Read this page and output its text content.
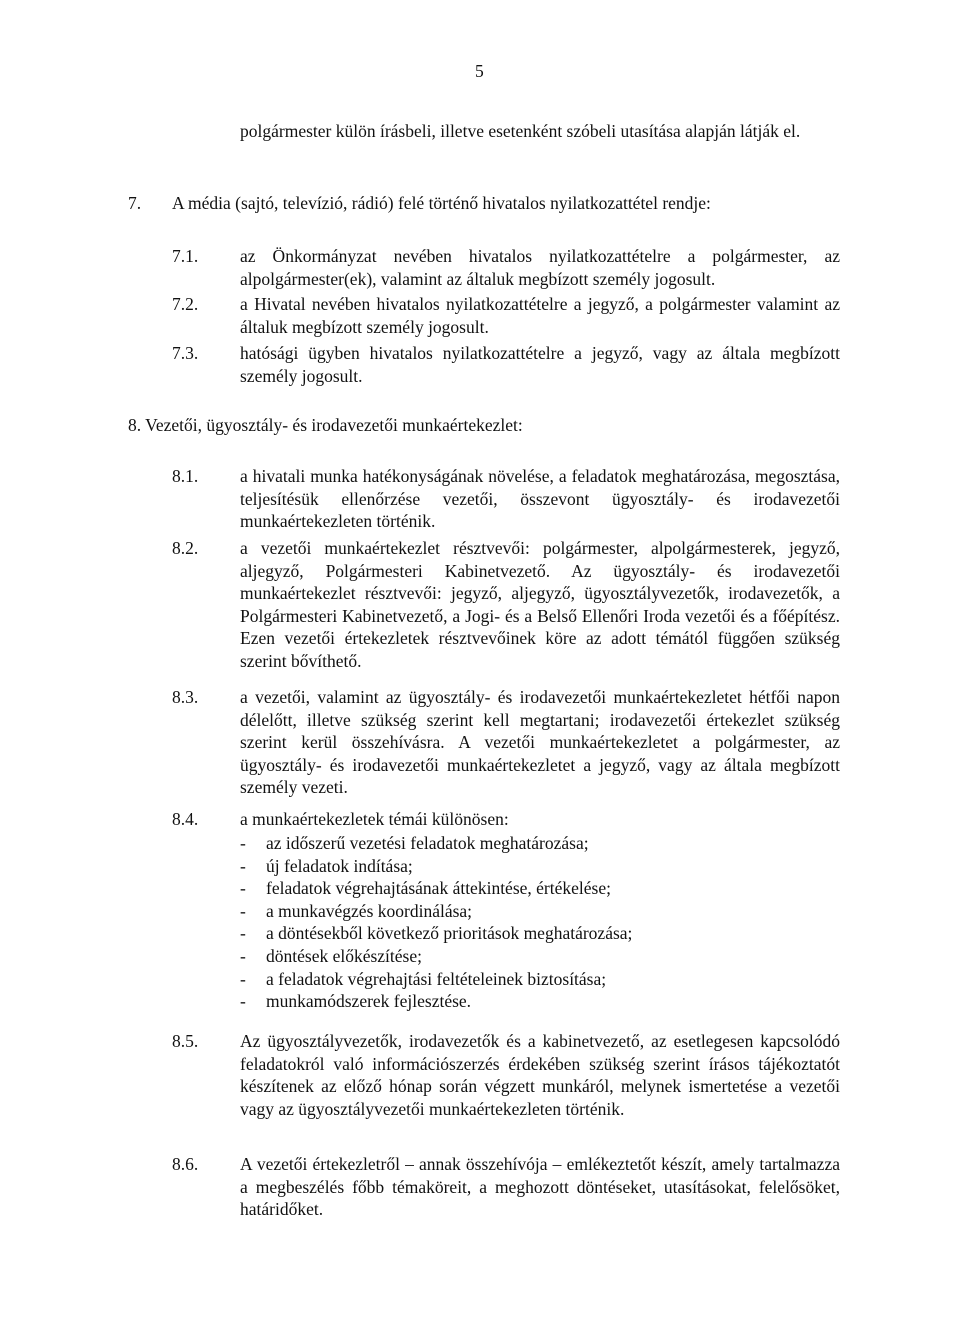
5
polgármester külön írásbeli, illetve esetenként szóbeli utasítása alapján látják el.
7. A média (sajtó, televízió, rádió) felé történő hivatalos nyilatkozattétel rendje:
7.1. az Önkormányzat nevében hivatalos nyilatkozattételre a polgármester, az alpolgármester(ek), valamint az általuk megbízott személy jogosult.
7.2. a Hivatal nevében hivatalos nyilatkozattételre a jegyző, a polgármester valamint az általuk megbízott személy jogosult.
7.3. hatósági ügyben hivatalos nyilatkozattételre a jegyző, vagy az általa megbízott személy jogosult.
8. Vezetői, ügyosztály- és irodavezetői munkaértekezlet:
8.1. a hivatali munka hatékonyságának növelése, a feladatok meghatározása, megosztása, teljesítésük ellenőrzése vezetői, összevont ügyosztály- és irodavezetői munkaértekezleten történik.
8.2. a vezetői munkaértekezlet résztvevői: polgármester, alpolgármesterek, jegyző, aljegyző, Polgármesteri Kabinetvezető. Az ügyosztály- és irodavezetői munkaértekezlet résztvevői: jegyző, aljegyző, ügyosztályvezetők, irodavezetők, a Polgármesteri Kabinetvezető, a Jogi- és a Belső Ellenőri Iroda vezetői és a főépítész. Ezen vezetői értekezletek résztvevőinek köre az adott témától függően szükség szerint bővíthető.
8.3. a vezetői, valamint az ügyosztály- és irodavezetői munkaértekezletet hétfői napon délelőtt, illetve szükség szerint kell megtartani; irodavezetői értekezlet szükség szerint kerül összehívásra. A vezetői munkaértekezletet a polgármester, az ügyosztály- és irodavezetői munkaértekezletet a jegyző, vagy az általa megbízott személy vezeti.
8.4. a munkaértekezletek témái különösen:
- az időszerű vezetési feladatok meghatározása;
- új feladatok indítása;
- feladatok végrehajtásának áttekintése, értékelése;
- a munkavégzés koordinálása;
- a döntésekből következő prioritások meghatározása;
- döntések előkészítése;
- a feladatok végrehajtási feltételeinek biztosítása;
- munkamódszerek fejlesztése.
8.5. Az ügyosztályvezetők, irodavezetők és a kabinetvezető, az esetlegesen kapcsolódó feladatokról való információszerzés érdekében szükség szerint írásos tájékoztatót készítenek az előző hónap során végzett munkáról, melynek ismertetése a vezetői vagy az ügyosztályvezetői munkaértekezleten történik.
8.6. A vezetői értekezletről – annak összehívója – emlékeztetőt készít, amely tartalmazza a megbeszélés főbb témaköreit, a meghozott döntéseket, utasításokat, felelősöket, határidőket.
